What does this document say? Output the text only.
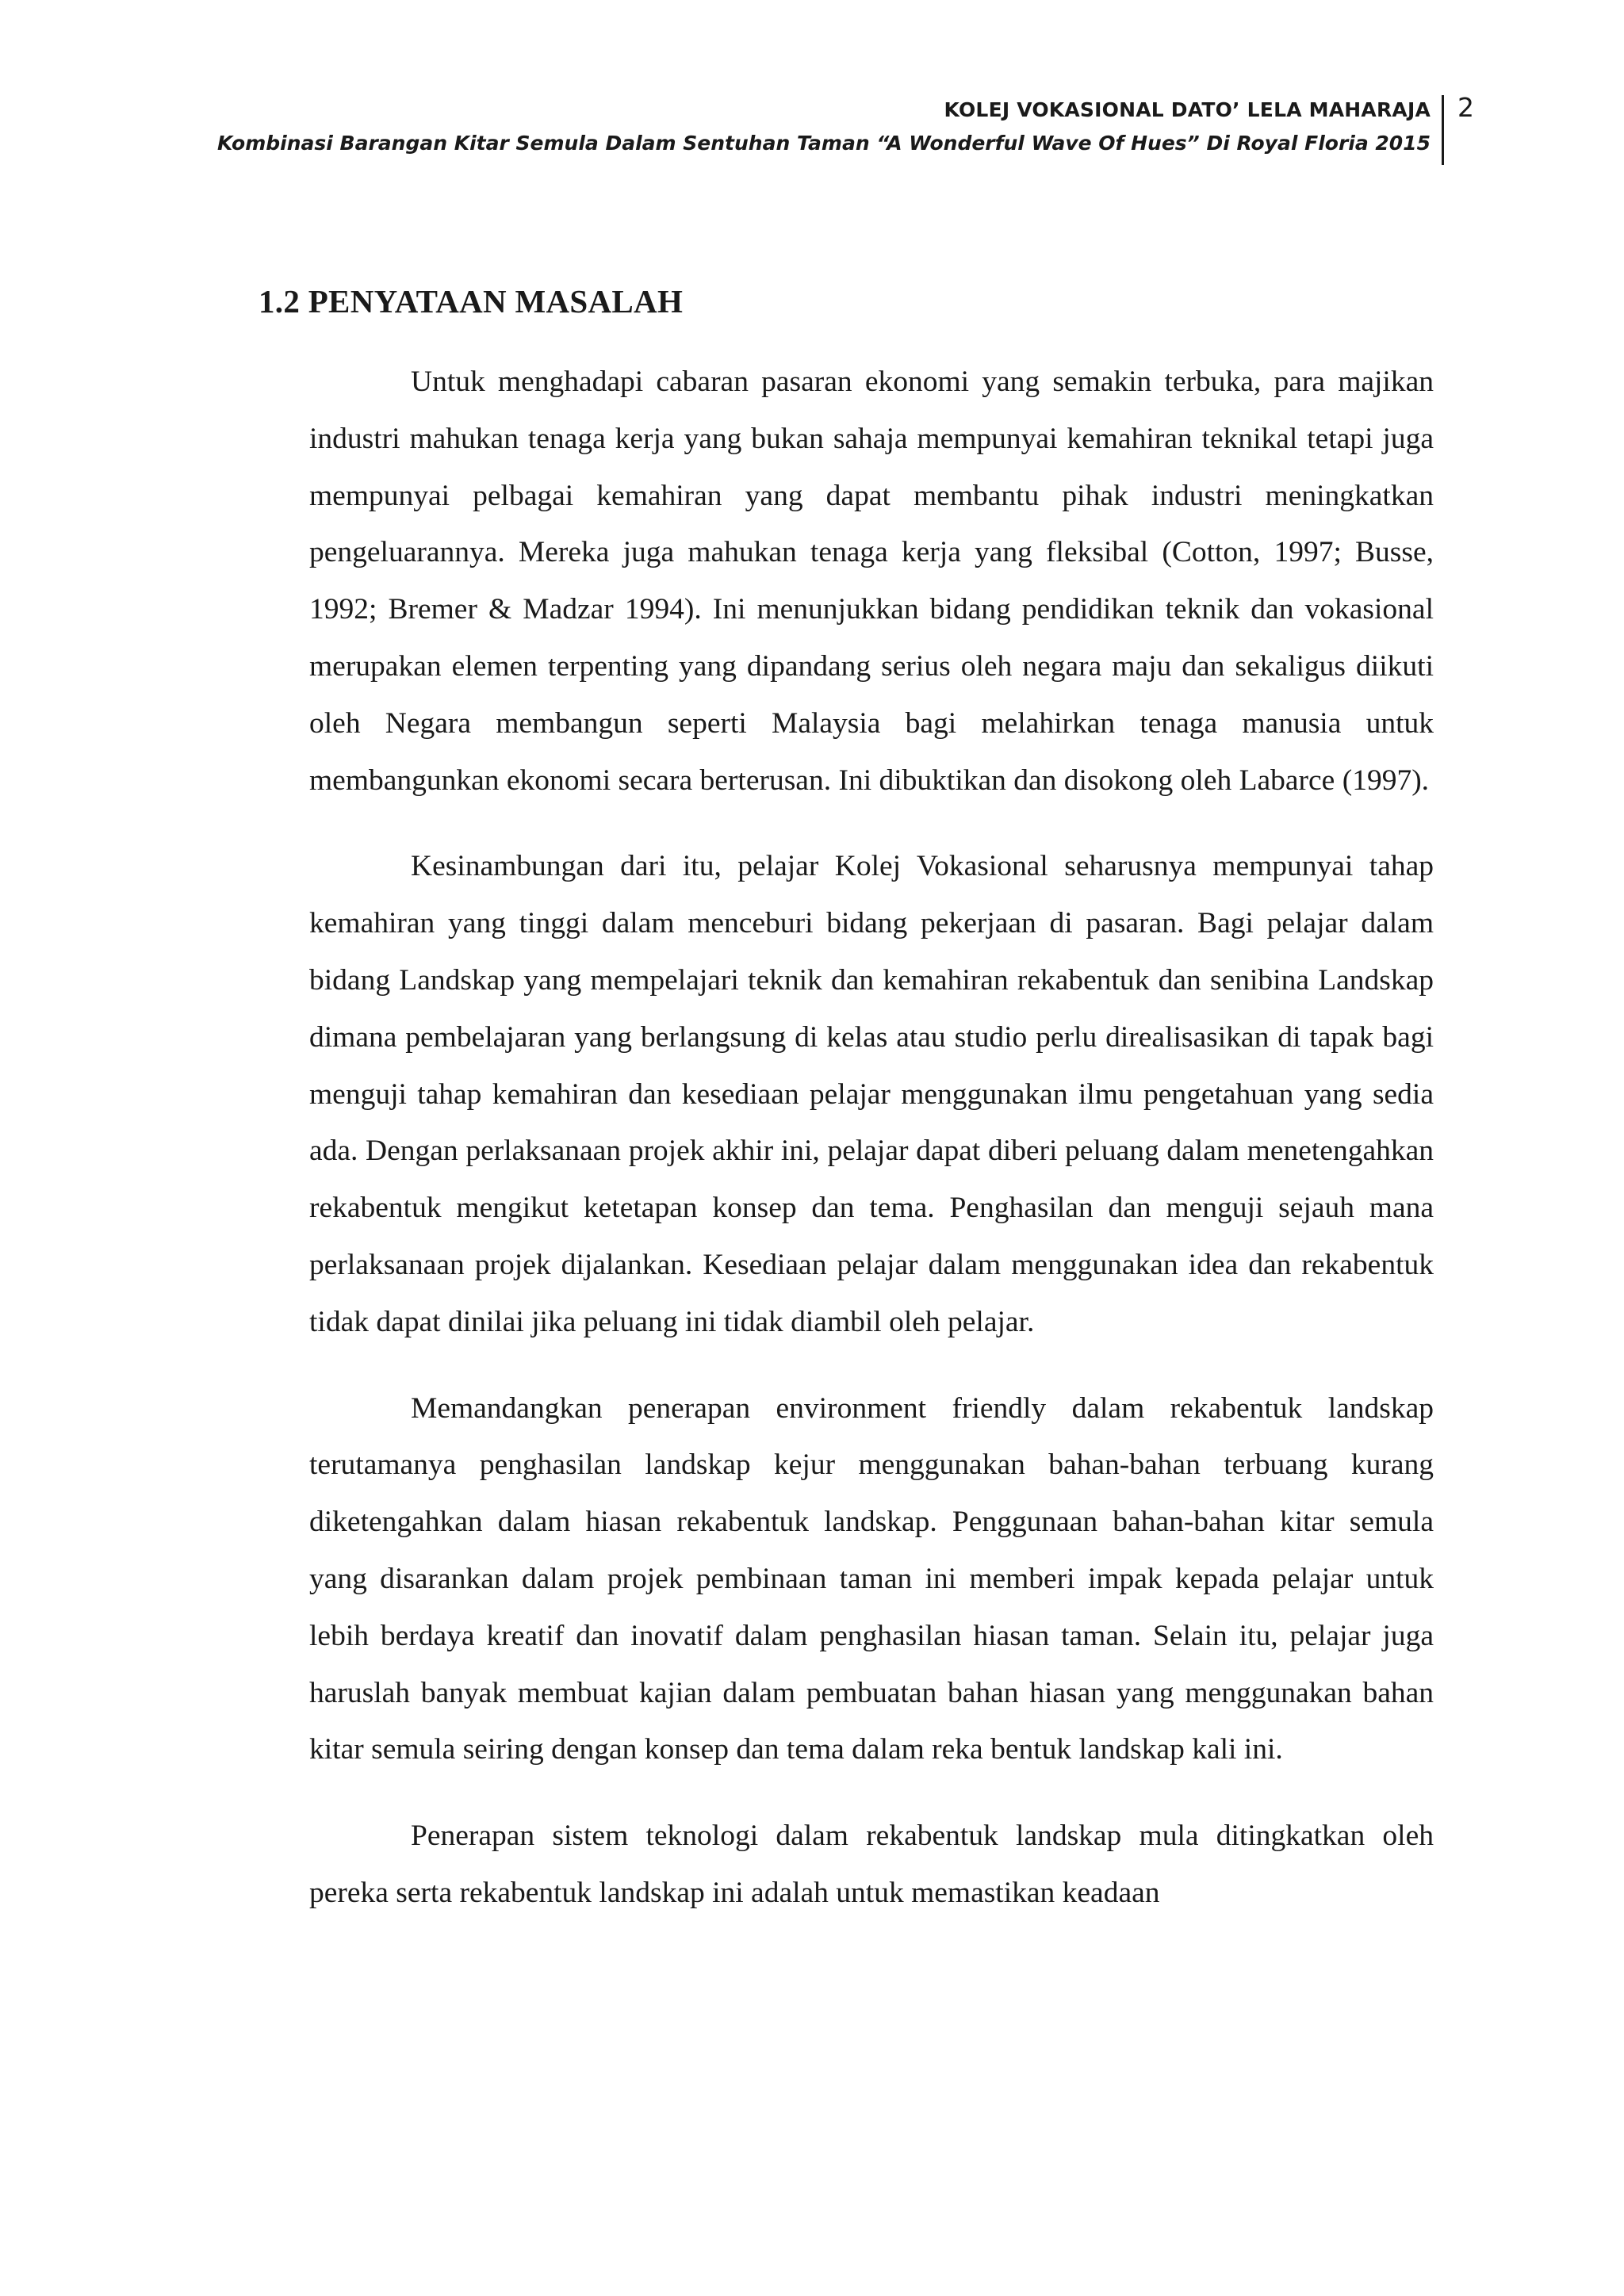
KOLEJ VOKASIONAL DATO’ LELA MAHARAJA
Kombinasi Barangan Kitar Semula Dalam Sentuhan Taman “A Wonderful Wave Of Hues” Di Royal Floria 2015
2
1.2 PENYATAAN MASALAH

Untuk menghadapi cabaran pasaran ekonomi yang semakin terbuka, para majikan industri mahukan tenaga kerja yang bukan sahaja mempunyai kemahiran teknikal tetapi juga mempunyai pelbagai kemahiran yang dapat membantu pihak industri meningkatkan pengeluarannya. Mereka juga mahukan tenaga kerja yang fleksibal (Cotton, 1997; Busse, 1992; Bremer & Madzar 1994). Ini menunjukkan bidang pendidikan teknik dan vokasional merupakan elemen terpenting yang dipandang serius oleh negara maju dan sekaligus diikuti oleh Negara membangun seperti Malaysia bagi melahirkan tenaga manusia untuk membangunkan ekonomi secara berterusan. Ini dibuktikan dan disokong oleh Labarce (1997).

Kesinambungan dari itu, pelajar Kolej Vokasional seharusnya mempunyai tahap kemahiran yang tinggi dalam menceburi bidang pekerjaan di pasaran. Bagi pelajar dalam bidang Landskap yang mempelajari teknik dan kemahiran rekabentuk dan senibina Landskap dimana pembelajaran yang berlangsung di kelas atau studio perlu direalisasikan di tapak bagi menguji tahap kemahiran dan kesediaan pelajar menggunakan ilmu pengetahuan yang sedia ada. Dengan perlaksanaan projek akhir ini, pelajar dapat diberi peluang dalam menetengahkan rekabentuk mengikut ketetapan konsep dan tema. Penghasilan dan menguji sejauh mana perlaksanaan projek dijalankan. Kesediaan pelajar dalam menggunakan idea dan rekabentuk tidak dapat dinilai jika peluang ini tidak diambil oleh pelajar.

Memandangkan penerapan environment friendly dalam rekabentuk landskap terutamanya penghasilan landskap kejur menggunakan bahan-bahan terbuang kurang diketengahkan dalam hiasan rekabentuk landskap. Penggunaan bahan-bahan kitar semula yang disarankan dalam projek pembinaan taman ini memberi impak kepada pelajar untuk lebih berdaya kreatif dan inovatif dalam penghasilan hiasan taman. Selain itu, pelajar juga haruslah banyak membuat kajian dalam pembuatan bahan hiasan yang menggunakan bahan kitar semula seiring dengan konsep dan tema dalam reka bentuk landskap kali ini.

Penerapan sistem teknologi dalam rekabentuk landskap mula ditingkatkan oleh pereka serta rekabentuk landskap ini adalah untuk memastikan keadaan
